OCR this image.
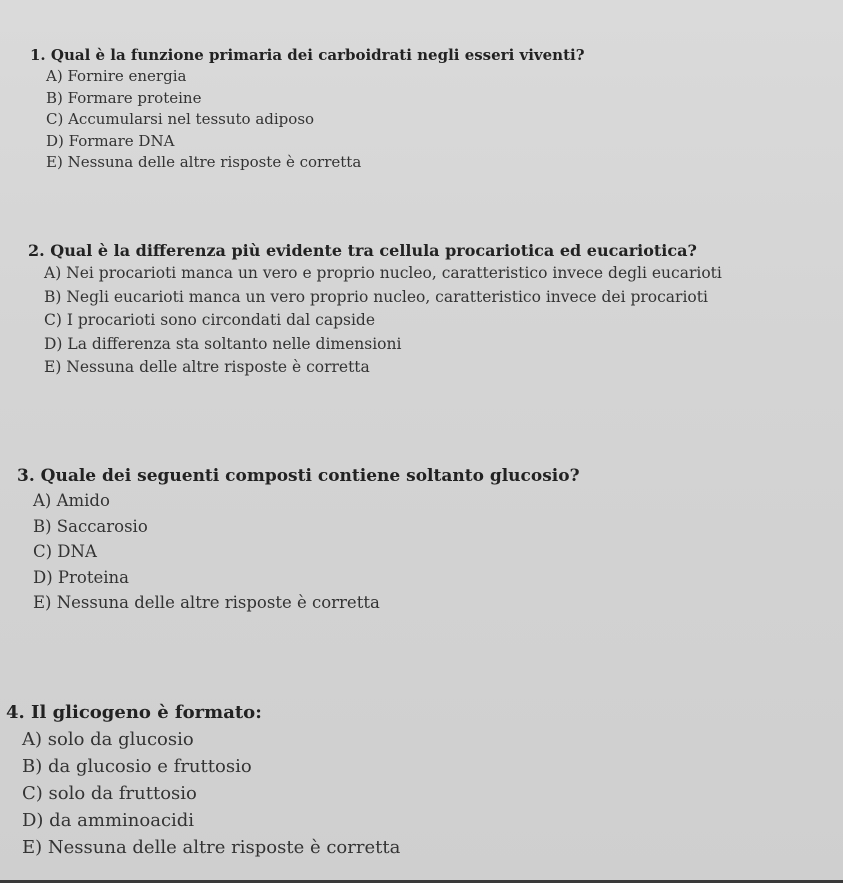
1. Qual è la funzione primaria dei carboidrati negli esseri viventi?
A) Fornire energia
B) Formare proteine
C) Accumularsi nel tessuto adiposo
D) Formare DNA
E) Nessuna delle altre risposte è corretta
2. Qual è la differenza più evidente tra cellula procariotica ed eucariotica?
A) Nei procarioti manca un vero e proprio nucleo, caratteristico invece degli eucarioti
B) Negli eucarioti manca un vero proprio nucleo, caratteristico invece dei procarioti
C) I procarioti sono circondati dal capside
D) La differenza sta soltanto nelle dimensioni
E) Nessuna delle altre risposte è corretta
3. Quale dei seguenti composti contiene soltanto glucosio?
A) Amido
B) Saccarosio
C) DNA
D) Proteina
E) Nessuna delle altre risposte è corretta
4. Il glicogeno è formato:
A) solo da glucosio
B) da glucosio e fruttosio
C) solo da fruttosio
D) da amminoacidi
E) Nessuna delle altre risposte è corretta
